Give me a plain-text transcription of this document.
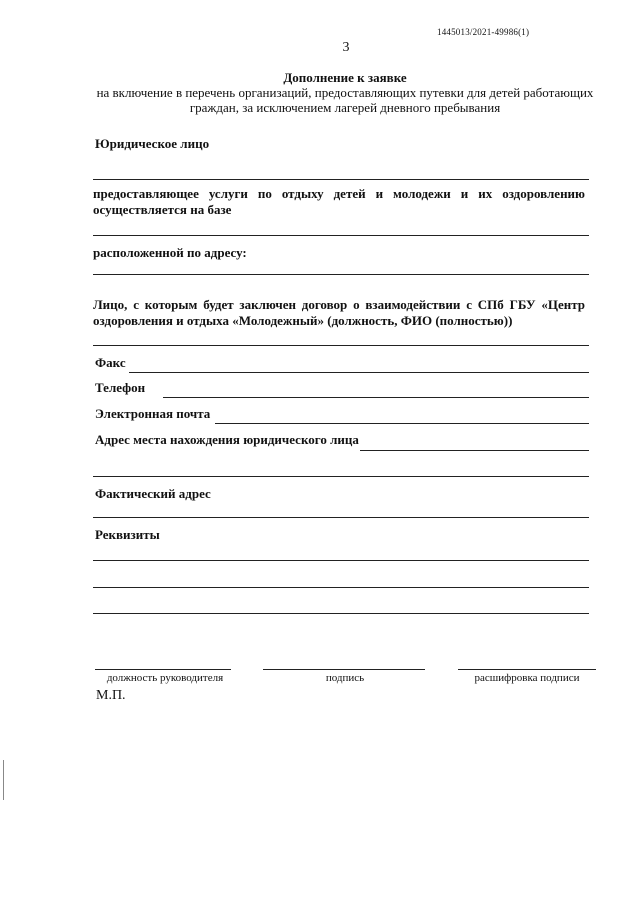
1445013/2021-49986(1)
3
Дополнение к заявке
на включение в перечень организаций, предоставляющих путевки для детей работающих
граждан, за исключением лагерей дневного пребывания
Юридическое лицо
предоставляющее услуги по отдыху детей и молодежи и их оздоровлению осуществляется на базе
расположенной по адресу:
Лицо, с которым будет заключен договор о взаимодействии с СПб ГБУ «Центр оздоровления и отдыха «Молодежный» (должность, ФИО (полностью))
Факс
Телефон
Электронная почта
Адрес места нахождения юридического лица
Фактический адрес
Реквизиты
должность руководителя	подпись	расшифровка подписи
М.П.
